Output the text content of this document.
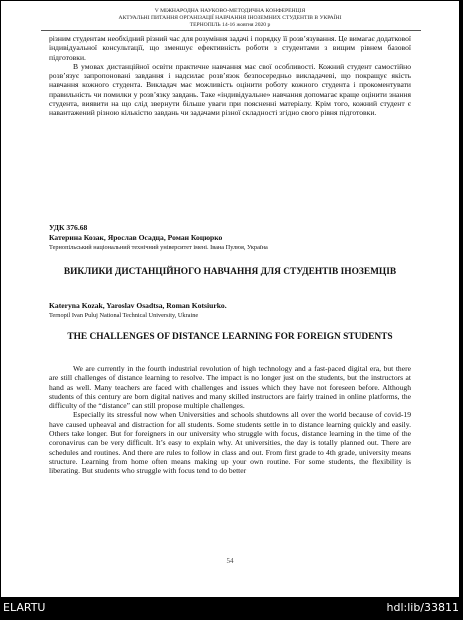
V МІЖНАРОДНА НАУКОВО-МЕТОДИЧНА КОНФЕРЕНЦІЯ
АКТУАЛЬНІ ПИТАННЯ ОРГАНІЗАЦІЇ НАВЧАННЯ ІНОЗЕМНИХ СТУДЕНТІВ В УКРАЇНІ
ТЕРНОПІЛЬ 14-16 жовтня 2020 р

різним студентам необхідний різний час для розуміння задачі і порядку її розв’язування. Це вимагає додаткової індивідуальної консультації, що зменшує ефективність роботи з студентами з вищим рівнем базової підготовки.

В умовах дистанційної освіти практичне навчання має свої особливості. Кожний студент самостійно розв’язує запропоновані завдання і надсилає розв’язок безпосередньо викладачеві, що покращує якість навчання кожного студента. Викладач має можливість оцінити роботу кожного студента і прокоментувати правильність чи помилки у розв’язку завдань. Таке «індивідуальне» навчання допомагає краще оцінити знання студента, виявити на що слід звернути більше уваги при поясненні матеріалу. Крім того, кожний студент є навантажений різною кількістю завдань чи задачами різної складності згідно свого рівня підготовки.

УДК 376.68
Катерина Козак, Ярослав Осадца, Роман Коцюрко
Тернопільський національний технічний університет імені. Івана Пулюя, Україна
ВИКЛИКИ ДИСТАНЦІЙНОГО НАВЧАННЯ ДЛЯ СТУДЕНТІВ ІНОЗЕМЦІВ
Kateryna Kozak, Yaroslav Osadtsa, Roman Kotsiurko.
Ternopil Ivan Puluj National Technical University, Ukraine
THE CHALLENGES OF DISTANCE LEARNING FOR FOREIGN STUDENTS

We are currently in the fourth industrial revolution of high technology and a fast-paced digital era, but there are still challenges of distance learning to resolve. The impact is no longer just on the students, but the instructors at hand as well. Many teachers are faced with challenges and issues which they have not foreseen before. Although students of this century are born digital natives and many skilled instructors are fairly trained in online platforms, the difficulty of the “distance” can still propose multiple challenges.

Especially its stressful now when Universities and schools shutdowns all over the world because of covid-19 have caused upheaval and distraction for all students. Some students settle in to distance learning quickly and easily. Others take longer. But for foreigners in our university who struggle with focus, distance learning in the time of the coronavirus can be very difficult. It’s easy to explain why. At universities, the day is totally planned out. There are schedules and routines. And there are rules to follow in class and out. From first grade to 4th grade, university means structure. Learning from home often means making up your own routine. For some students, the flexibility is liberating. But students who struggle with focus tend to do better

54
ELARTU	hdl:lib/33811
